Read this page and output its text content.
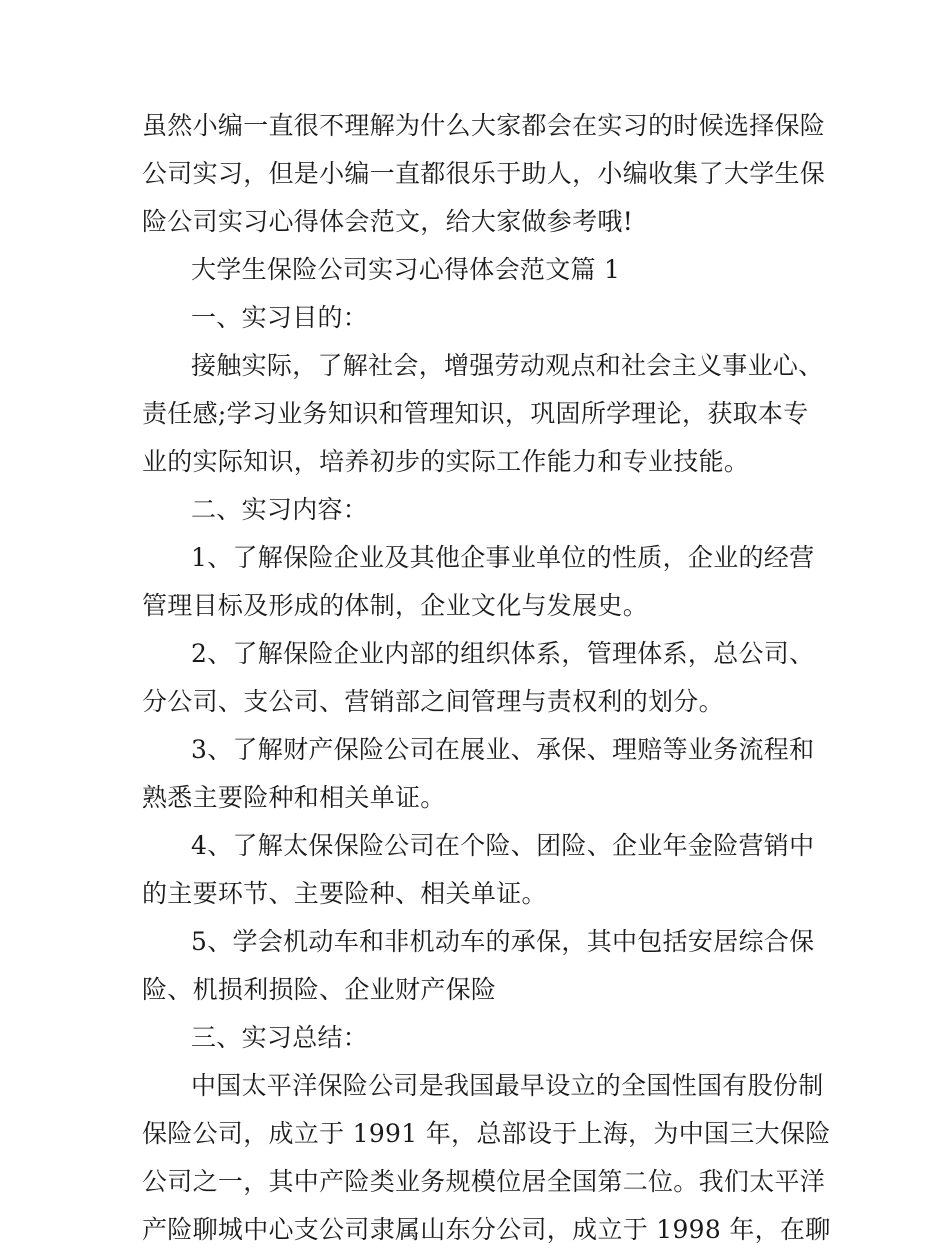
虽然小编一直很不理解为什么大家都会在实习的时候选择保险
公司实习，但是小编一直都很乐于助人，小编收集了大学生保
险公司实习心得体会范文，给大家做参考哦!
大学生保险公司实习心得体会范文篇 1
一、实习目的：
接触实际，了解社会，增强劳动观点和社会主义事业心、
责任感;学习业务知识和管理知识，巩固所学理论，获取本专
业的实际知识，培养初步的实际工作能力和专业技能。
二、实习内容：
1、了解保险企业及其他企事业单位的性质，企业的经营
管理目标及形成的体制，企业文化与发展史。
2、了解保险企业内部的组织体系，管理体系，总公司、
分公司、支公司、营销部之间管理与责权利的划分。
3、了解财产保险公司在展业、承保、理赔等业务流程和
熟悉主要险种和相关单证。
4、了解太保保险公司在个险、团险、企业年金险营销中
的主要环节、主要险种、相关单证。
5、学会机动车和非机动车的承保，其中包括安居综合保
险、机损利损险、企业财产保险
三、实习总结：
中国太平洋保险公司是我国最早设立的全国性国有股份制
保险公司，成立于 1991 年，总部设于上海，为中国三大保险
公司之一，其中产险类业务规模位居全国第二位。我们太平洋
产险聊城中心支公司隶属山东分公司，成立于 1998 年，在聊
